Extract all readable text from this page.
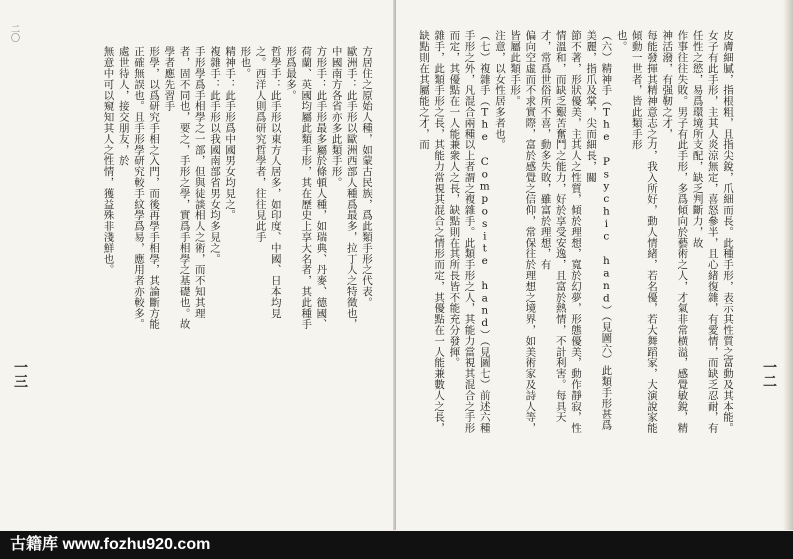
二〇

方居住之原始人種，如蒙古民族，爲此類手形之代表。

歐洲手：此手形以歐洲西部人種爲最多，拉丁人之特徵也，中國南方各省亦多此類手形。

方形手：此手形最多屬於條頓人種，如瑞典、丹麥、德國、荷蘭、英國均屬此類手形，其在歷史上享大名者，其此種手形爲最多。

哲學手：此手形以東方人居多，如印度、中國、日本均見之。西洋人則爲研究哲學者，往往見此手

形也。

精神手：此手形爲中國男女均見之。

複雜手：此手形以我國南部省男女均多見之。

手形學爲手相學之一部，但與徒談相人之術，而不知其理者，固不同也，要之，手形之學，實爲手相學之基礎也。故學者應先習手

形學，以爲研究手相之入門，而後再學手相學，其論斷方能正確無誤也。且手形學研究較手紋學爲易，應用者亦較多。處世待人，接交朋友，於

無意中可以窺知其人之性情，獲益殊非淺鮮也。

一三	皮膚細膩，指根粗，且指尖銳，爪細而長。此種手形，表示其性質之富動及其本能。女子有此手形，主其人炎涼無定，喜怒參半，且心緒復雜，有愛情，而缺乏忍耐，有任性之慾，易爲環境所支配，缺乏判斷力，故

作事往往失敗。男子有此手形，多爲傾向於藝術之人，才氣非常横溢，感覺敏銳，精神活潑，有强靭之才，

每能發揮其精神意志之力，我入所好，動人情緒，若名優，若大舞蹈家，大演說家能傾動一世者，皆此類手形

也。

（六）精神手（The Psychic hand）（見圖六）此類手形甚爲美麗，指爪及掌，尖而細長，關

節不著，形狀優美，主其人之性質，傾於理想，寬於幻夢，形態優美，動作靜寂，性情溫和，而缺乏艱苦奮鬥之能力，好於享受安逸，且富於熱情，不計利害。每具天才，常爲世俗所不喜，動多失敗，雖富於理想，有

偏向空虛而不求實際，富於感覺之信仰，常保往於理想之境界，如美術家及詩人等，皆屬此類手形。

注意，以女性居多者也。

（七）複雜手（The Composite hand）（見圖七）前述六種手形之外，凡混合兩種以上者謂之複雜手。此類手形之人，其能力當視其混合之手形而定，其優點在一人能兼衆人之長，缺點則在其所長皆不能充分發揮。

雜手，此類手形之長，其能力當視其混合之情形而定，其優點在一人能兼數人之長，缺點則在其屬能之才，而

一二
古籍库 www.fozhu920.com
